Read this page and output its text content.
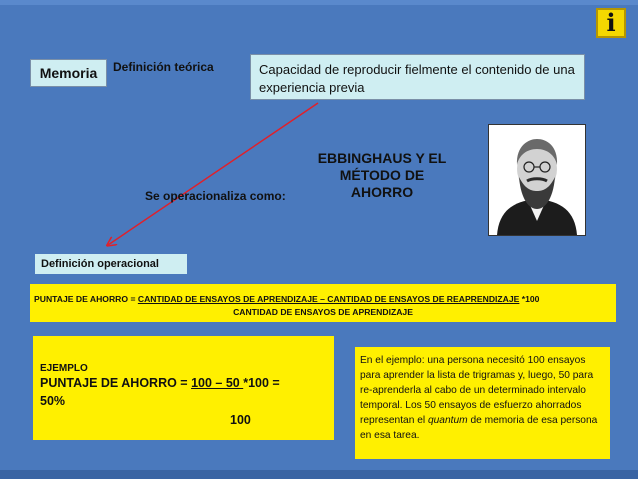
i
Memoria	Definición teórica	Capacidad de reproducir fielmente el contenido de una experiencia previa
EBBINGHAUS Y EL
MÉTODO DE
AHORRO
Se operacionaliza como:
Definición operacional
PUNTAJE DE AHORRO = CANTIDAD DE ENSAYOS DE APRENDIZAJE – CANTIDAD DE ENSAYOS DE REAPRENDIZAJE *100
CANTIDAD DE ENSAYOS DE APRENDIZAJE
EJEMPLO
PUNTAJE DE AHORRO = 100 – 50 *100 =
50%
100
En el ejemplo: una persona necesitó 100 ensayos para aprender la lista de trigramas y, luego, 50 para re-aprenderla al cabo de un determinado intervalo temporal. Los 50 ensayos de esfuerzo ahorrados representan el quantum de memoria de esa persona en esa tarea.
